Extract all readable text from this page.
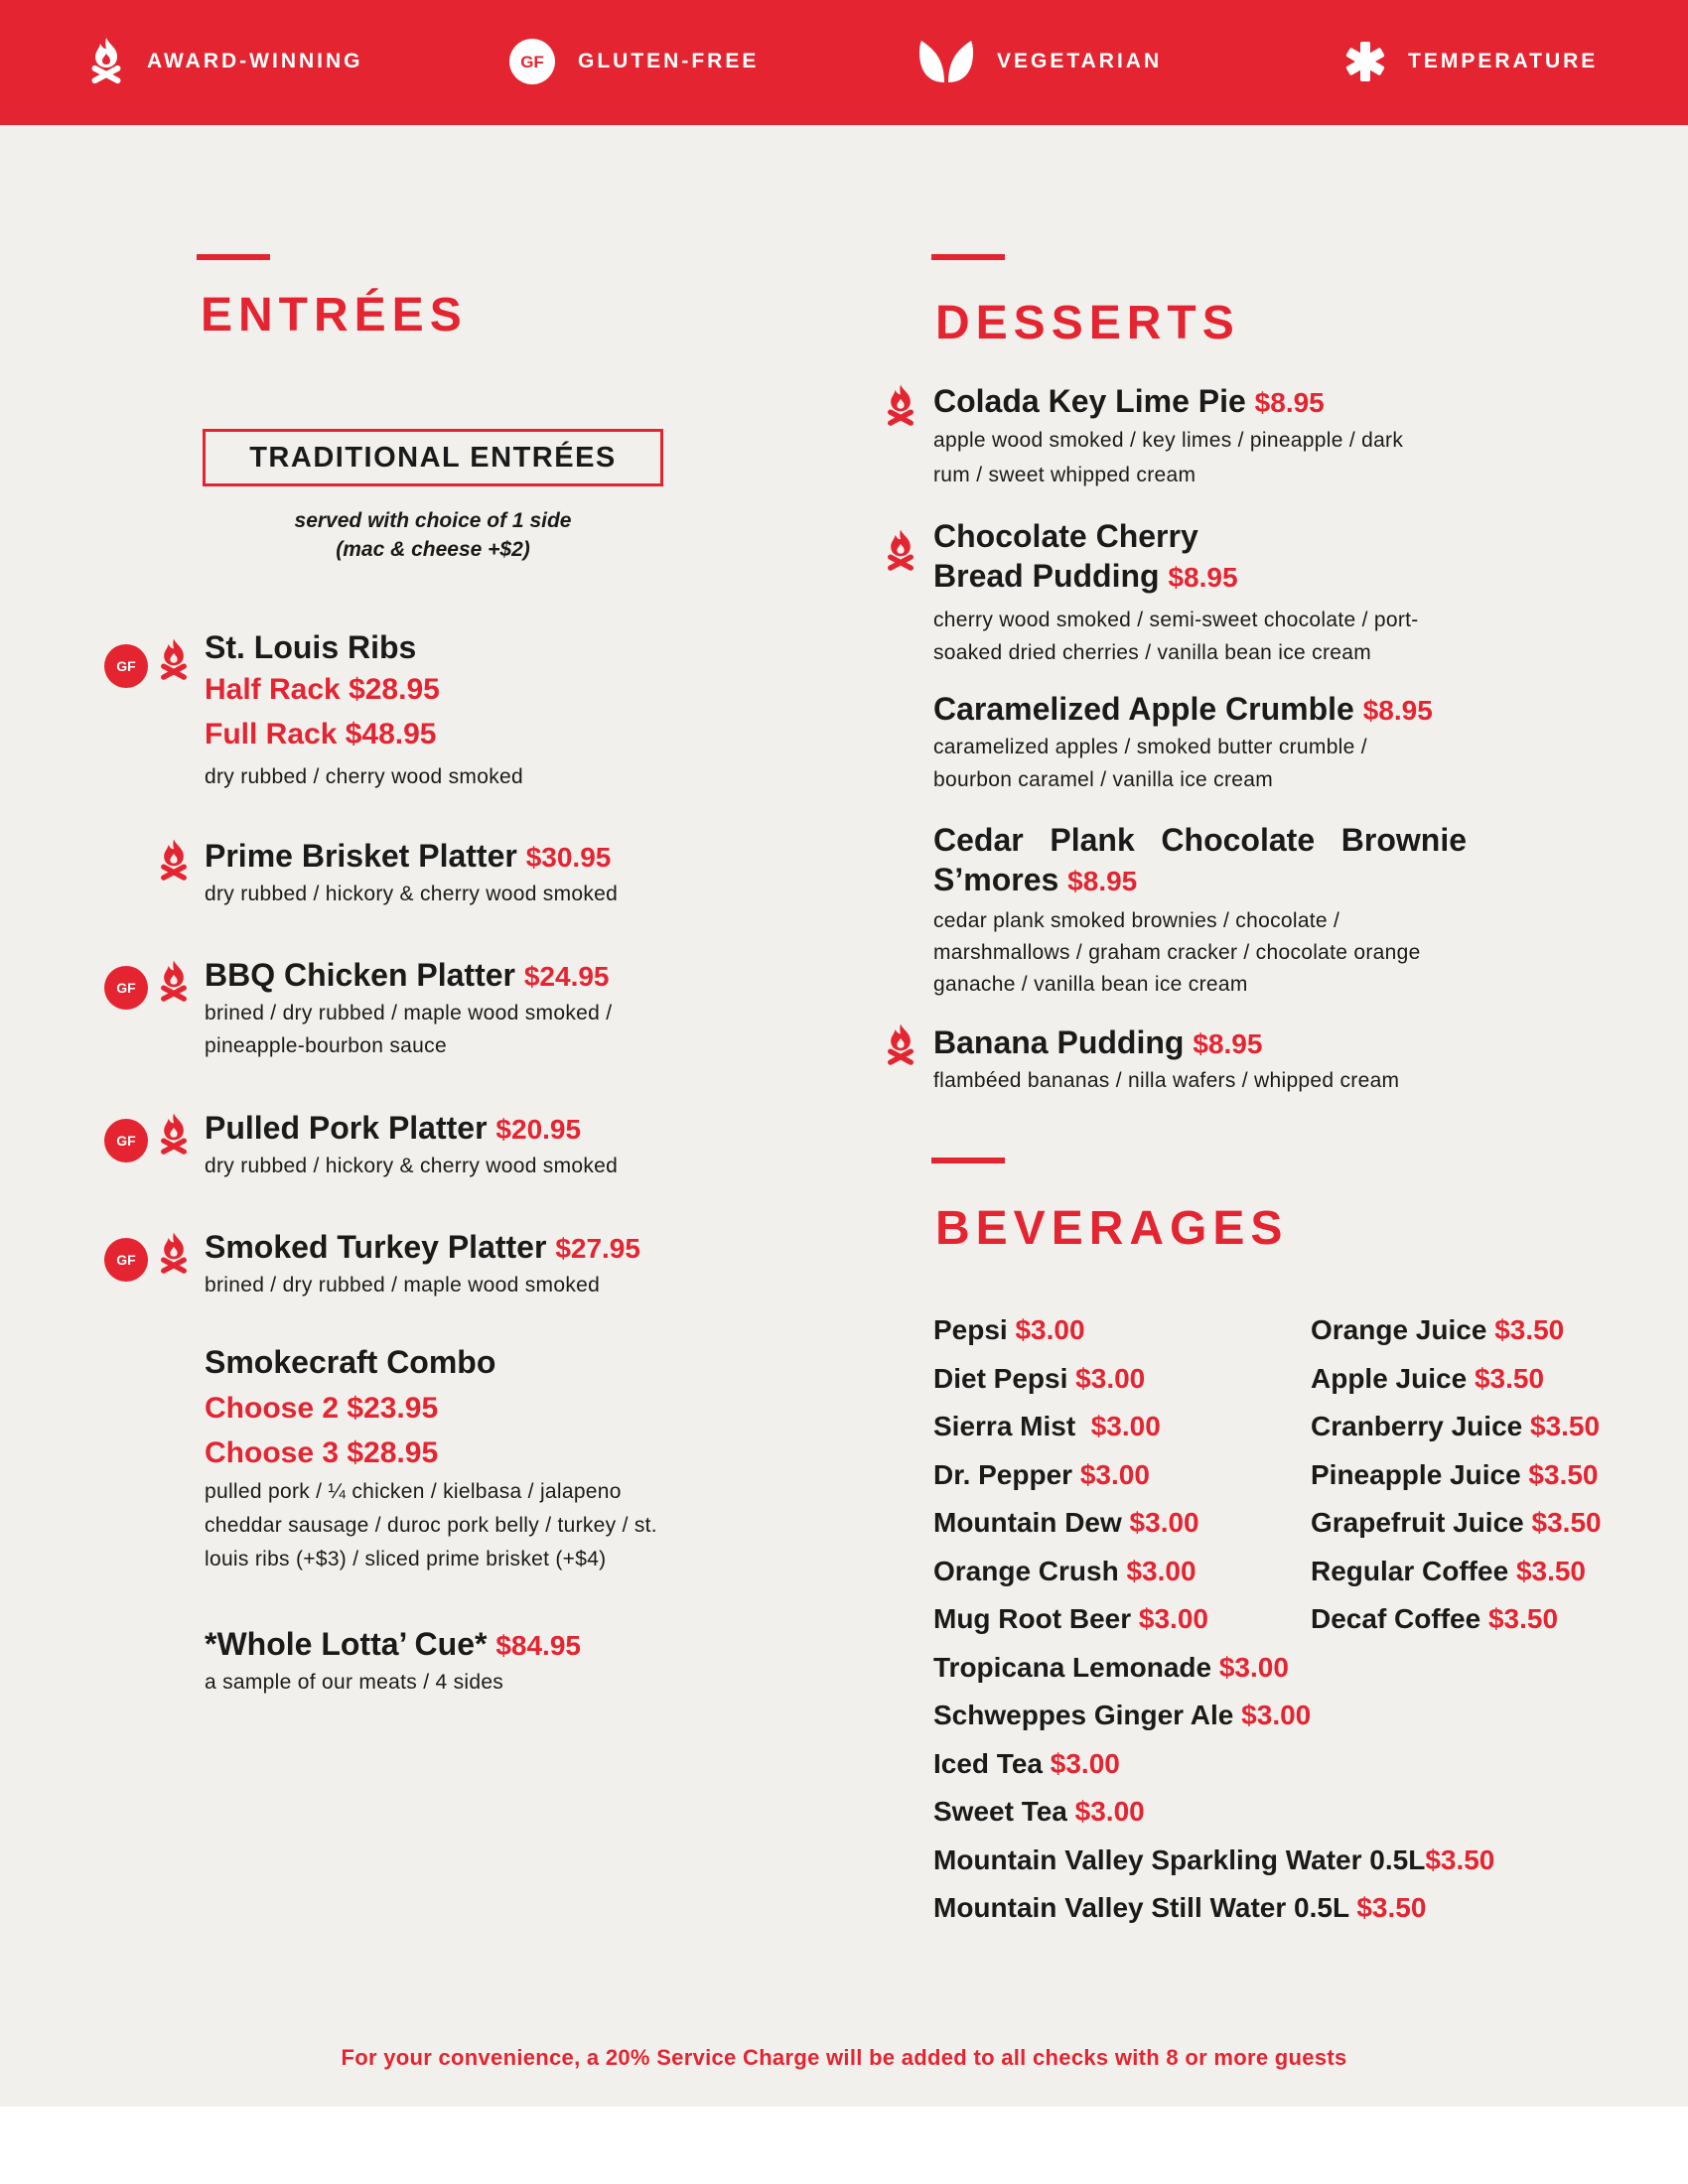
AWARD-WINNING	GF GLUTEN-FREE	VEGETARIAN	TEMPERATURE
ENTRÉES
TRADITIONAL ENTRÉES
served with choice of 1 side
(mac & cheese +$2)
GF
GF
GF
GF
St. Louis Ribs
Half Rack $28.95
Full Rack $48.95
dry rubbed / cherry wood smoked
Prime Brisket Platter $30.95
dry rubbed / hickory & cherry wood smoked
BBQ Chicken Platter $24.95
brined / dry rubbed / maple wood smoked /
pineapple-bourbon sauce
Pulled Pork Platter $20.95
dry rubbed / hickory & cherry wood smoked
Smoked Turkey Platter $27.95
brined / dry rubbed / maple wood smoked
Smokecraft Combo
Choose 2 $23.95
Choose 3 $28.95
pulled pork / ¼ chicken / kielbasa / jalapeno
cheddar sausage / duroc pork belly / turkey / st.
louis ribs (+$3) / sliced prime brisket (+$4)
*Whole Lotta’ Cue* $84.95
a sample of our meats / 4 sides
DESSERTS
Colada Key Lime Pie $8.95
apple wood smoked / key limes / pineapple / dark
rum / sweet whipped cream
Chocolate Cherry
Bread Pudding $8.95
cherry wood smoked / semi-sweet chocolate / port-
soaked dried cherries / vanilla bean ice cream
Caramelized Apple Crumble $8.95
caramelized apples / smoked butter crumble /
bourbon caramel / vanilla ice cream
Cedar   Plank   Chocolate   Brownie
S’mores $8.95
cedar plank smoked brownies / chocolate /
marshmallows / graham cracker / chocolate orange
ganache / vanilla bean ice cream
Banana Pudding $8.95
flambéed bananas / nilla wafers / whipped cream
BEVERAGES
Pepsi $3.00
Diet Pepsi $3.00
Sierra Mist  $3.00
Dr. Pepper $3.00
Mountain Dew $3.00
Orange Crush $3.00
Mug Root Beer $3.00
Tropicana Lemonade $3.00
Schweppes Ginger Ale $3.00
Iced Tea $3.00
Sweet Tea $3.00
Mountain Valley Sparkling Water 0.5L$3.50
Mountain Valley Still Water 0.5L $3.50
Orange Juice $3.50
Apple Juice $3.50
Cranberry Juice $3.50
Pineapple Juice $3.50
Grapefruit Juice $3.50
Regular Coffee $3.50
Decaf Coffee $3.50
For your convenience, a 20% Service Charge will be added to all checks with 8 or more guests
